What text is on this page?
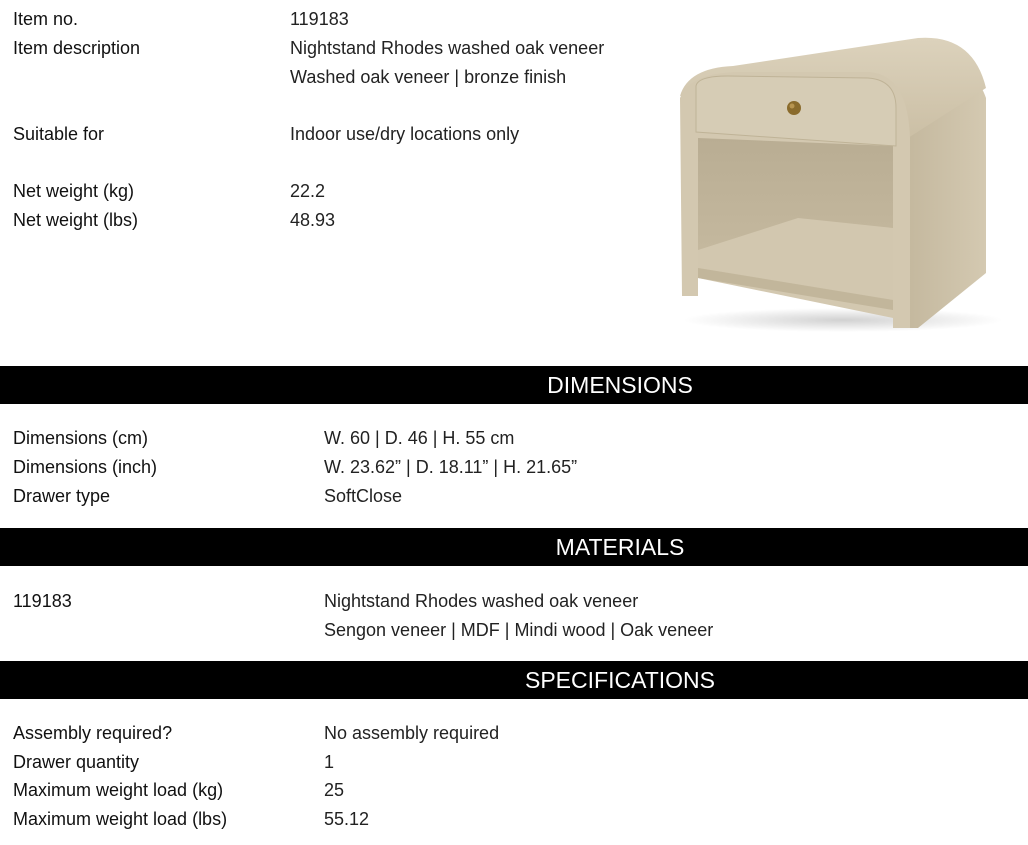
Item no.	119183
Item description	Nightstand Rhodes washed oak veneer
Washed oak veneer | bronze finish
Suitable for	Indoor use/dry locations only
Net weight (kg)	22.2
Net weight (lbs)	48.93
DIMENSIONS
Dimensions (cm)	W. 60 | D. 46 | H. 55 cm
Dimensions (inch)	W. 23.62” | D. 18.11” | H. 21.65”
Drawer type	SoftClose
MATERIALS
119183	Nightstand Rhodes washed oak veneer
Sengon veneer | MDF | Mindi wood | Oak veneer
SPECIFICATIONS
Assembly required?	No assembly required
Drawer quantity	1
Maximum weight load (kg)	25
Maximum weight load (lbs)	55.12
